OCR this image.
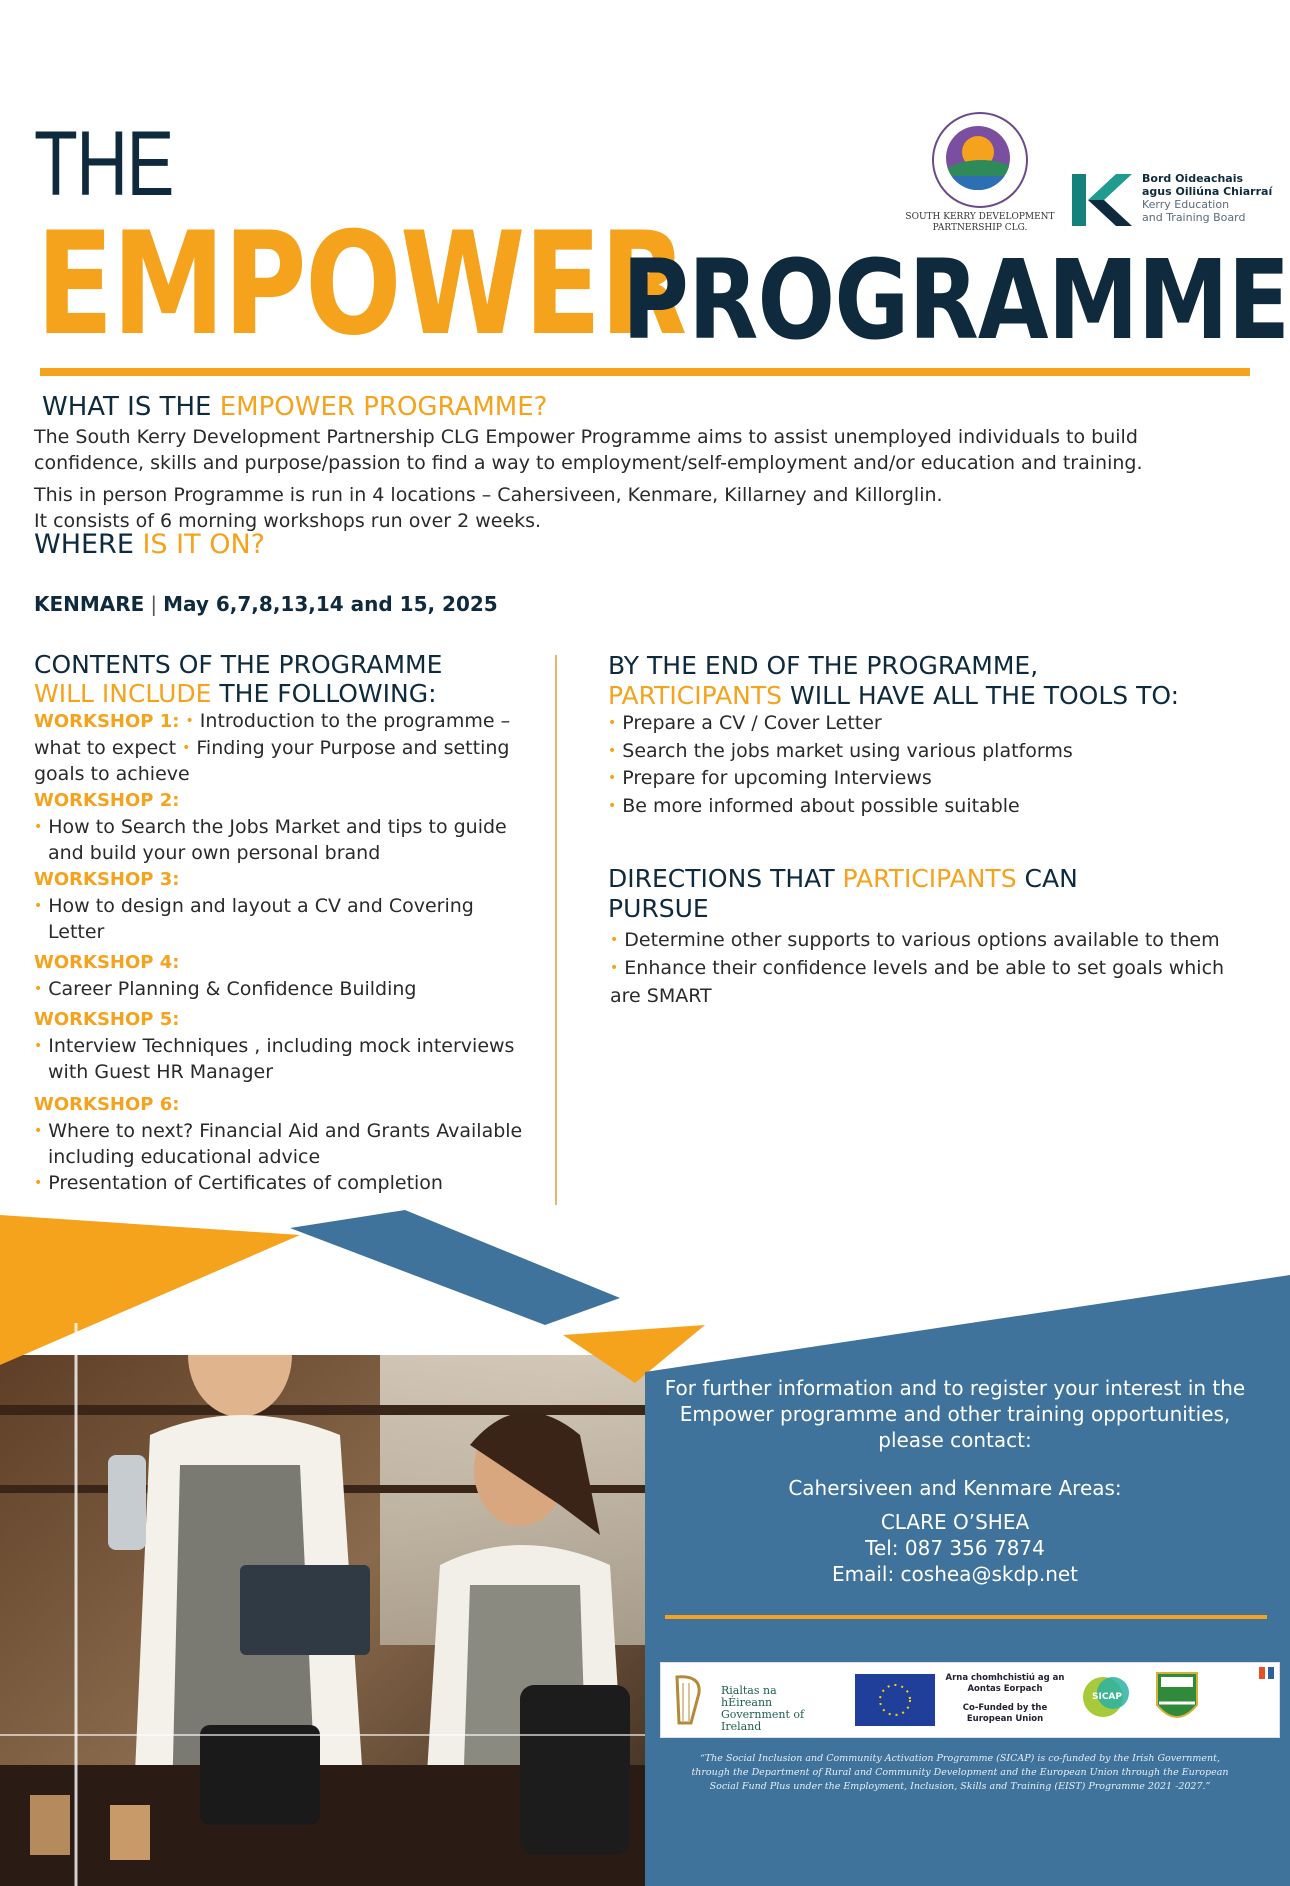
THE
EMPOWER
PROGRAMME
SOUTH KERRY DEVELOPMENT PARTNERSHIP CLG.
Bord Oideachais
agus Oiliúna Chiarraí
Kerry Education
and Training Board
WHAT IS THE EMPOWER PROGRAMME?
The South Kerry Development Partnership CLG Empower Programme aims to assist unemployed individuals to build confidence, skills and purpose/passion to find a way to employment/self-employment and/or education and training.
This in person Programme is run in 4 locations – Cahersiveen, Kenmare, Killarney and Killorglin.
It consists of 6 morning workshops run over 2 weeks.
WHERE IS IT ON?
KENMARE | May 6,7,8,13,14 and 15, 2025
CONTENTS OF THE PROGRAMME
WILL INCLUDE THE FOLLOWING:
WORKSHOP 1: • Introduction to the programme – what to expect • Finding your Purpose and setting goals to achieve
WORKSHOP 2:
• How to Search the Jobs Market and tips to guide and build your own personal brand
WORKSHOP 3:
• How to design and layout a CV and Covering Letter
WORKSHOP 4:
• Career Planning & Confidence Building
WORKSHOP 5:
• Interview Techniques , including mock interviews with Guest HR Manager
WORKSHOP 6:
• Where to next? Financial Aid and Grants Available including educational advice
• Presentation of Certificates of completion
BY THE END OF THE PROGRAMME,
PARTICIPANTS WILL HAVE ALL THE TOOLS TO:
• Prepare a CV / Cover Letter
• Search the jobs market using various platforms
• Prepare for upcoming Interviews
• Be more informed about possible suitable
DIRECTIONS THAT PARTICIPANTS CAN
PURSUE
• Determine other supports to various options available to them
• Enhance their confidence levels and be able to set goals which are SMART
For further information and to register your interest in the Empower programme and other training opportunities, please contact:
Cahersiveen and Kenmare Areas:
CLARE O’SHEA
Tel: 087 356 7874
Email: coshea@skdp.net
Rialtas na hÉireann
Government of Ireland
Arna chomhchistiú ag an Aontas Eorpach
Co-Funded by the European Union
SICAP
“The Social Inclusion and Community Activation Programme (SICAP) is co-funded by the Irish Government, through the Department of Rural and Community Development and the European Union through the European Social Fund Plus under the Employment, Inclusion, Skills and Training (EIST) Programme 2021 -2027.”
